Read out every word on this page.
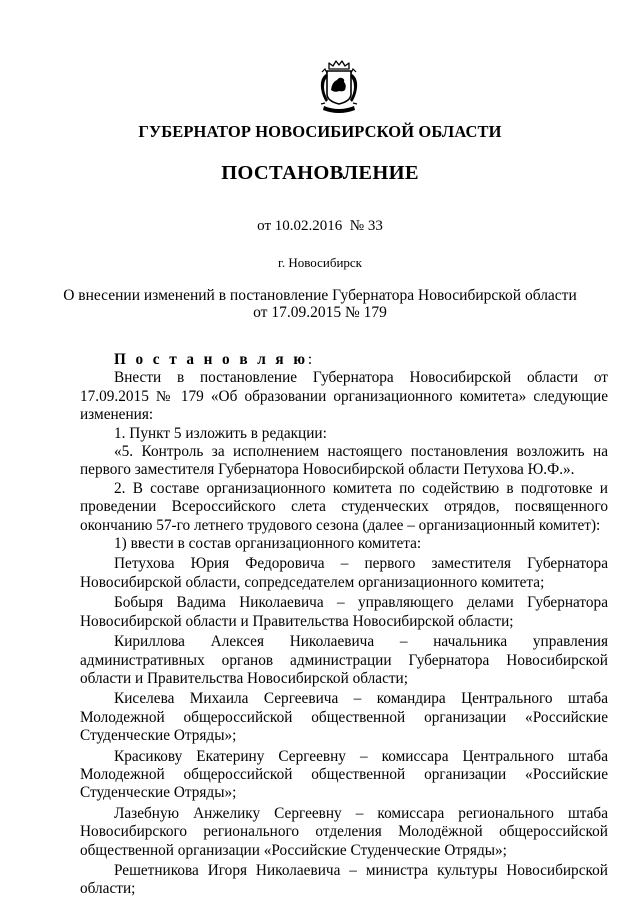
ГУБЕРНАТОР НОВОСИБИРСКОЙ ОБЛАСТИ
ПОСТАНОВЛЕНИЕ
от 10.02.2016  № 33
г. Новосибирск
О внесении изменений в постановление Губернатора Новосибирской области
от 17.09.2015 № 179

П о с т а н о в л я ю:

Внести в постановление Губернатора Новосибирской области от 17.09.2015 № 179 «Об образовании организационного комитета» следующие изменения:

1. Пункт 5 изложить в редакции:

«5. Контроль за исполнением настоящего постановления возложить на первого заместителя Губернатора Новосибирской области Петухова Ю.Ф.».

2. В составе организационного комитета по содействию в подготовке и проведении Всероссийского слета студенческих отрядов, посвященного окончанию 57-го летнего трудового сезона (далее – организационный комитет):

1) ввести в состав организационного комитета:

Петухова Юрия Федоровича – первого заместителя Губернатора Новосибирской области, сопредседателем организационного комитета;

Бобыря Вадима Николаевича – управляющего делами Губернатора Новосибирской области и Правительства Новосибирской области;

Кириллова Алексея Николаевича – начальника управления административных органов администрации Губернатора Новосибирской области и Правительства Новосибирской области;

Киселева Михаила Сергеевича – командира Центрального штаба Молодежной общероссийской общественной организации «Российские Студенческие Отряды»;

Красикову Екатерину Сергеевну – комиссара Центрального штаба Молодежной общероссийской общественной организации «Российские Студенческие Отряды»;

Лазебную Анжелику Сергеевну – комиссара регионального штаба Новосибирского регионального отделения Молодёжной общероссийской общественной организации «Российские Студенческие Отряды»;

Решетникова Игоря Николаевича – министра культуры Новосибирской области;
